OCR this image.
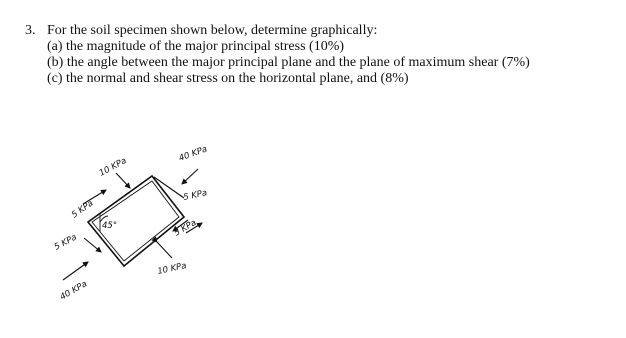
3. For the soil specimen shown below, determine graphically:
(a) the magnitude of the major principal stress (10%)
(b) the angle between the major principal plane and the plane of maximum shear (7%)
(c) the normal and shear stress on the horizontal plane, and (8%)
10 KPa
40 KPa
5 KPa
5 KPa
45°
5 KPa
5 KPa
10 KPa
40 KPa
